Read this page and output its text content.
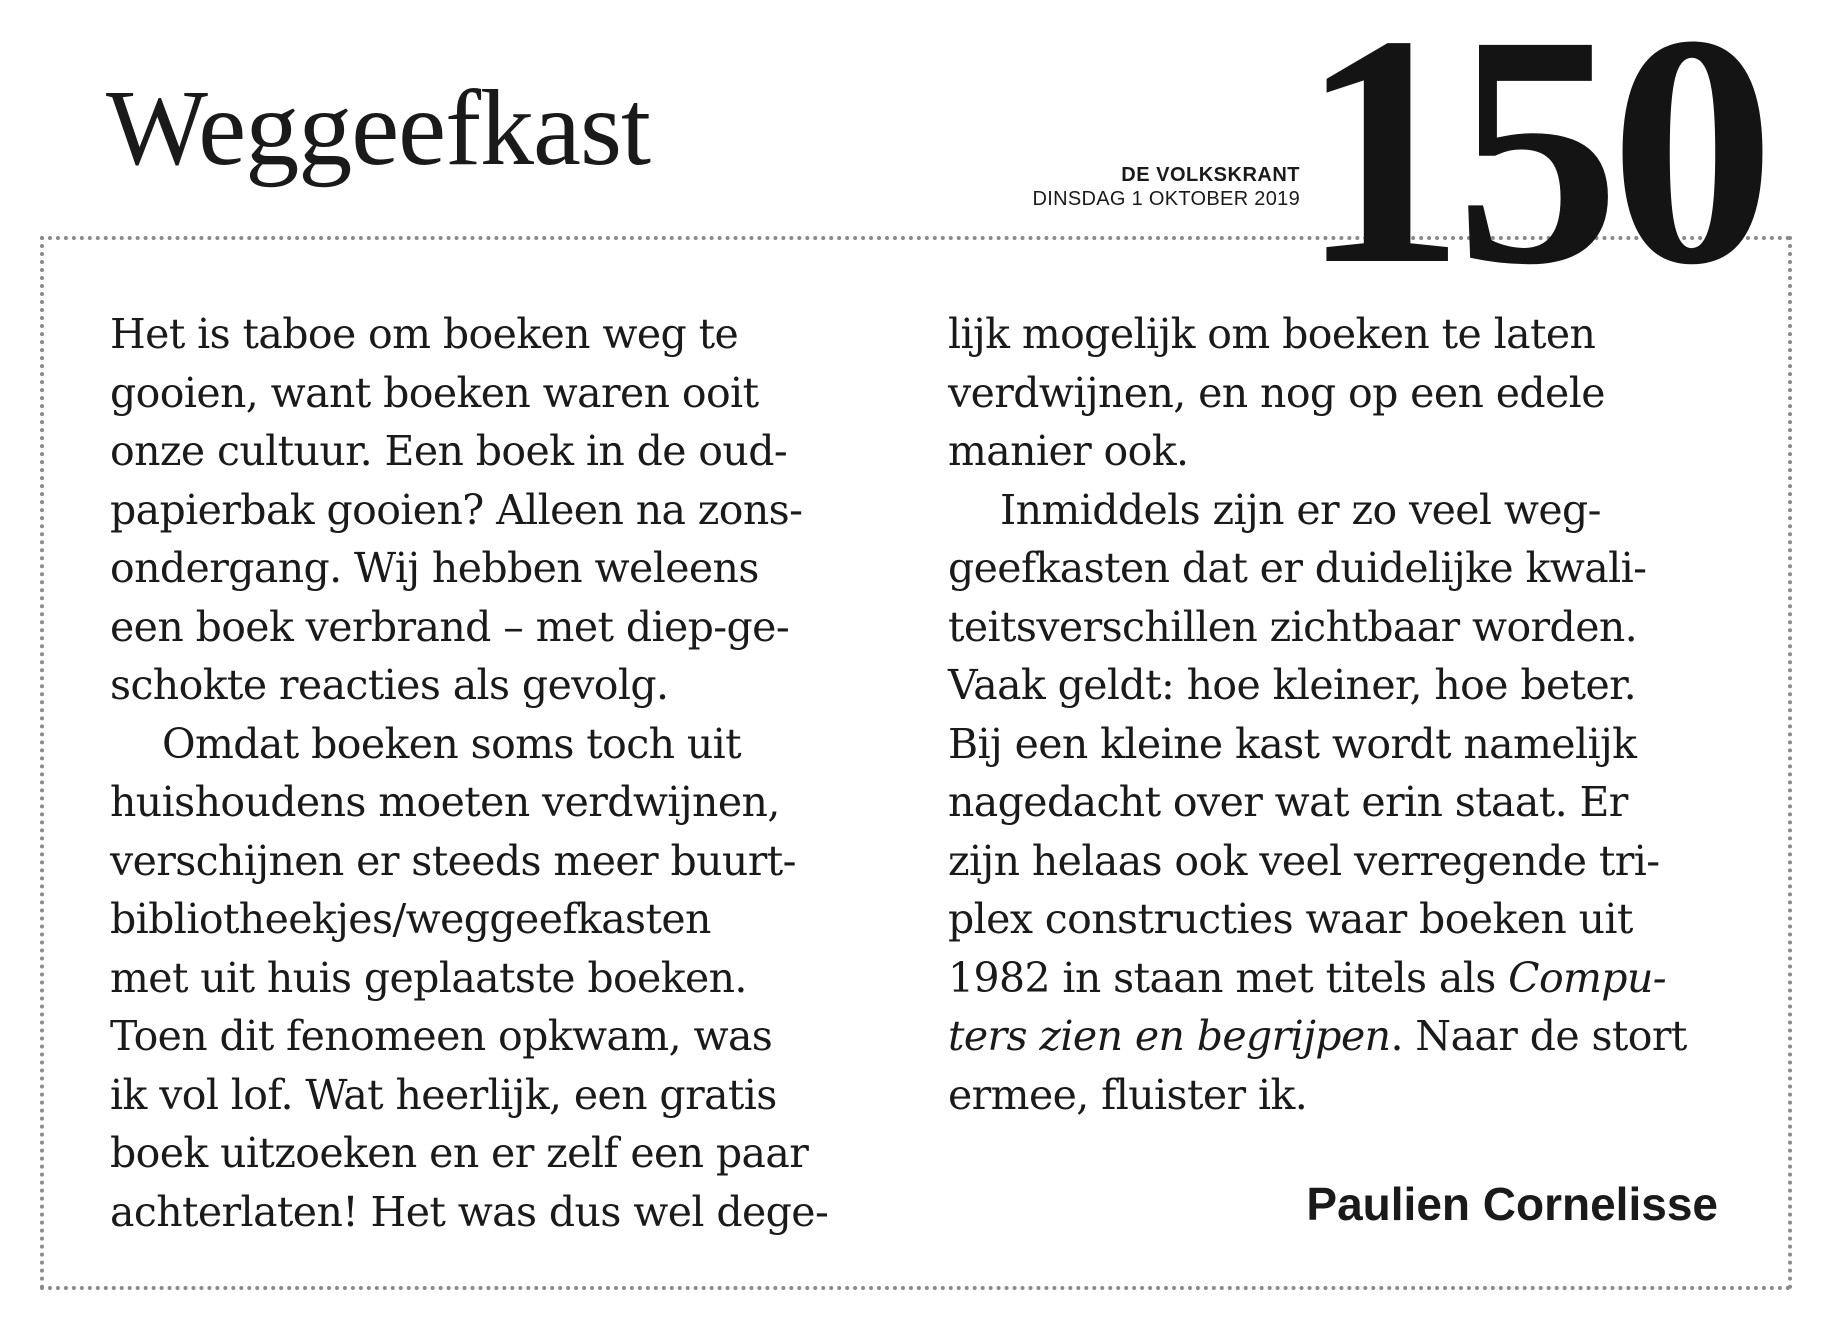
Weggeefkast	DE VOLKSKRANT
DINSDAG 1 OKTOBER 2019 150
Het is taboe om boeken weg te
gooien, want boeken waren ooit
onze cultuur. Een boek in de oud-
papierbak gooien? Alleen na zons-
ondergang. Wij hebben weleens
een boek verbrand – met diep-ge-
schokte reacties als gevolg.
Omdat boeken soms toch uit
huishoudens moeten verdwijnen,
verschijnen er steeds meer buurt-
bibliotheekjes/weggeefkasten
met uit huis geplaatste boeken.
Toen dit fenomeen opkwam, was
ik vol lof. Wat heerlijk, een gratis
boek uitzoeken en er zelf een paar
achterlaten! Het was dus wel dege-
lijk mogelijk om boeken te laten
verdwijnen, en nog op een edele
manier ook.
Inmiddels zijn er zo veel weg-
geefkasten dat er duidelijke kwali-
teitsverschillen zichtbaar worden.
Vaak geldt: hoe kleiner, hoe beter.
Bij een kleine kast wordt namelijk
nagedacht over wat erin staat. Er
zijn helaas ook veel verregende tri-
plex constructies waar boeken uit
1982 in staan met titels als Compu-
ters zien en begrijpen. Naar de stort
ermee, fluister ik.
Paulien Cornelisse
